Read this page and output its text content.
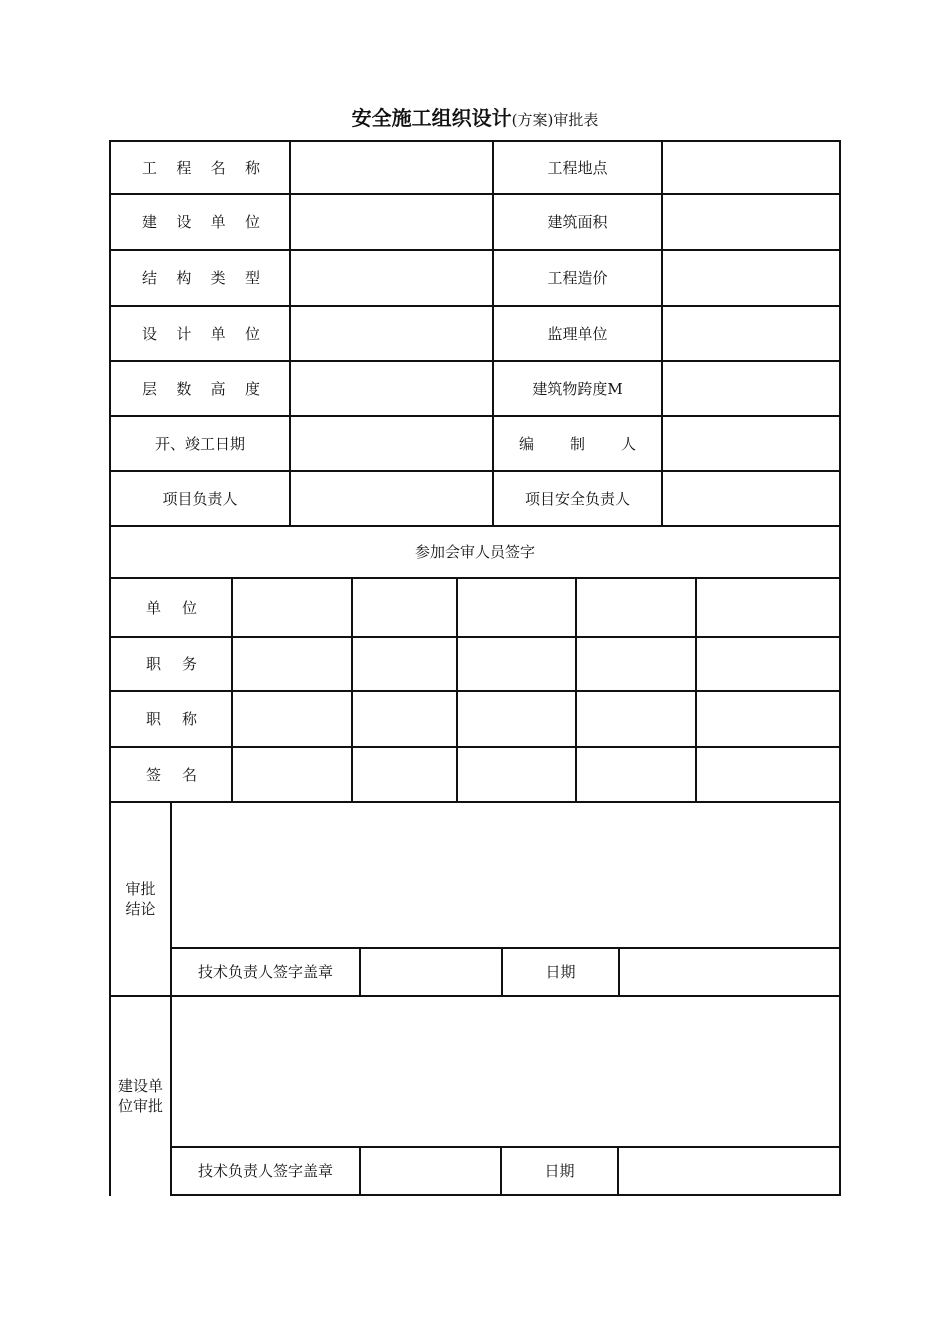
安全施工组织设计(方案)审批表
工 程 名 称	工程地点
建 设 单 位	建筑面积
结 构 类 型	工程造价
设 计 单 位	监理单位
层 数 高 度	建筑物跨度M
开、竣工日期	编 制 人
项目负责人	项目安全负责人
参加会审人员签字
单 位
职 务
职 称
签 名
审批
结论
技术负责人签字盖章	日期
建设单
位审批
技术负责人签字盖章	日期
